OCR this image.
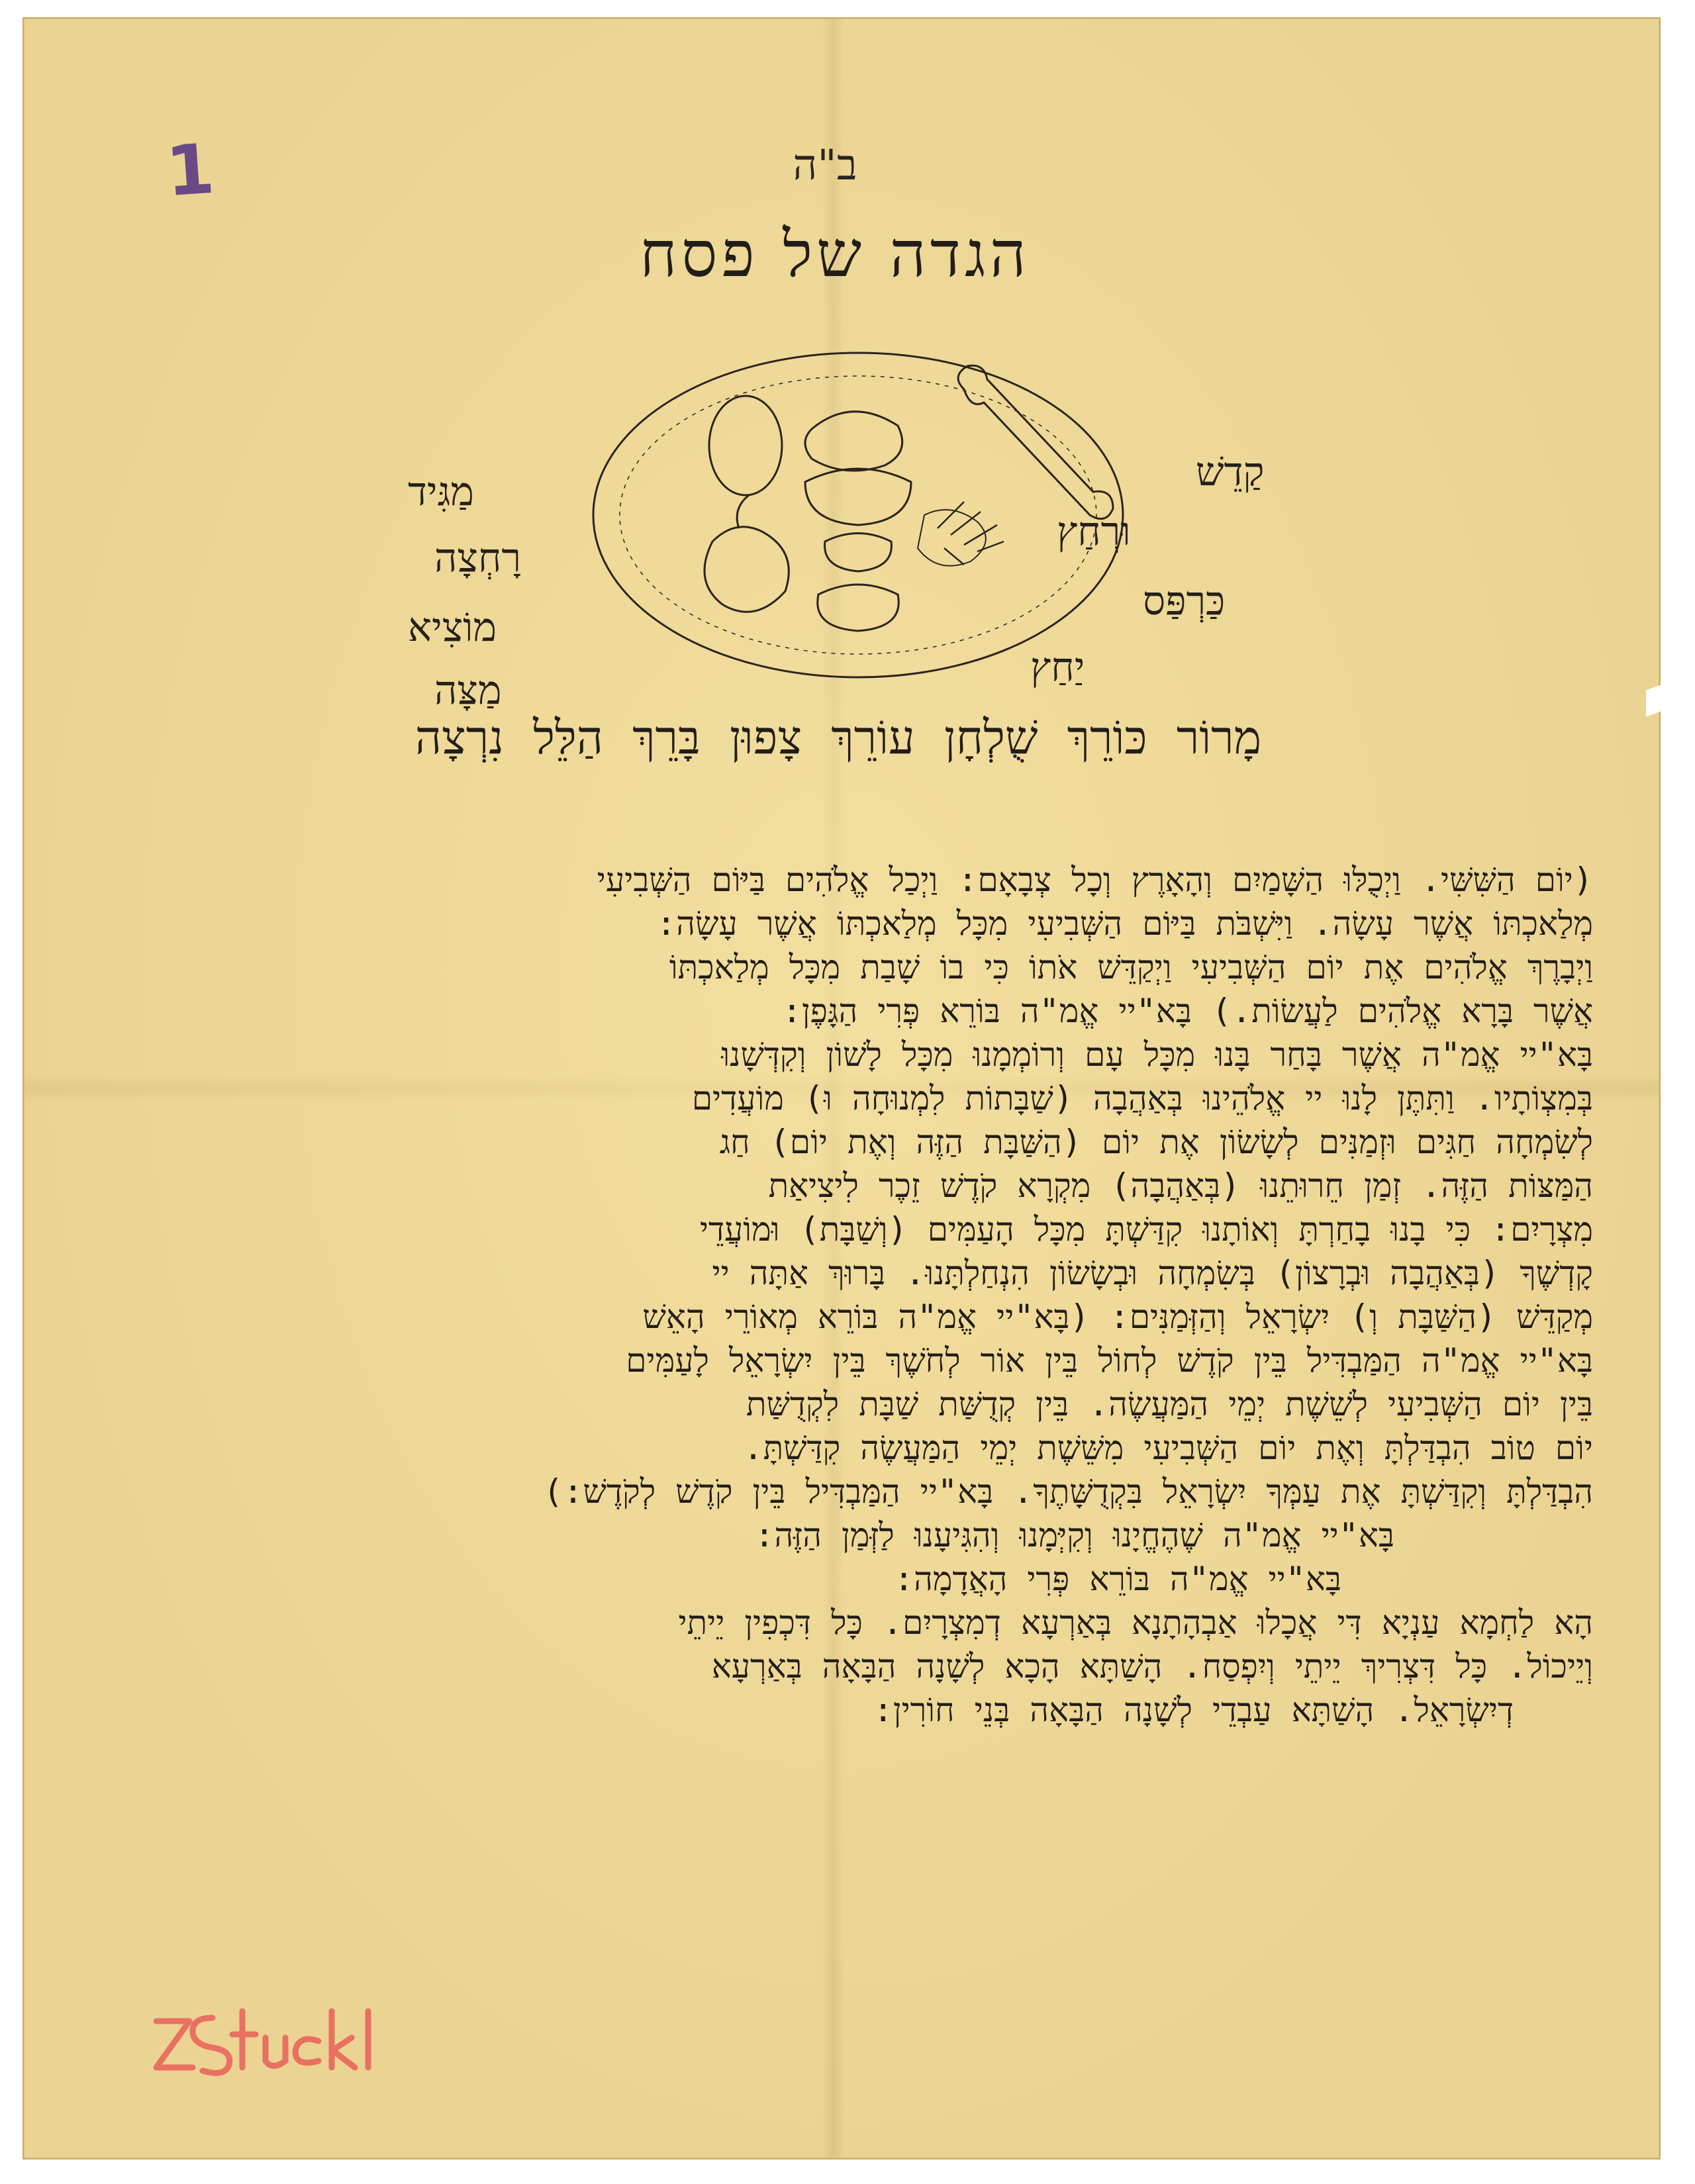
1	ב"ה
הגדה של פסח
קַדֵשׁ
וּרְחַץ
כַּרְפַּס
יַחַץ
מַגִּיד
רָחְצָה
מוֹצִיא
מַצָּה
מָרוֹר כּוֹרֵךְ שֻׁלְחָן עוֹרֵךְ צָפוּן בָּרֵךְ הַלֵּל נִרְצָה
(יוֹם הַשִּׁשִּׁי. וַיְכֻלּוּ הַשָּׁמַיִם וְהָאָרֶץ וְכָל צְבָאָם: וַיְכַל אֱלֹהִים בַּיּוֹם הַשְּׁבִיעִי
מְלַאכְתּוֹ אֲשֶׁר עָשָׂה. וַיִּשְׁבֹּת בַּיּוֹם הַשְּׁבִיעִי מִכָּל מְלַאכְתּוֹ אֲשֶׁר עָשָׂה:
וַיְבָרֶךְ אֱלֹהִים אֶת יוֹם הַשְּׁבִיעִי וַיְקַדֵּשׁ אֹתוֹ כִּי בוֹ שָׁבַת מִכָּל מְלַאכְתּוֹ
אֲשֶׁר בָּרָא אֱלֹהִים לַעֲשׂוֹת.) בָּא"יי אֱמ"ה בּוֹרֵא פְּרִי הַגָּפֶן:
בָּא"יי אֱמ"ה אֲשֶׁר בָּחַר בָּנוּ מִכָּל עָם וְרוֹמְמָנוּ מִכָּל לָשׁוֹן וְקִדְּשָׁנוּ
בְּמִצְוֹתָיו. וַתִּתֶּן לָנוּ יי אֱלֹהֵינוּ בְּאַהֲבָה (שַׁבָּתוֹת לִמְנוּחָה וּ) מוֹעֲדִים
לְשִׂמְחָה חַגִּים וּזְמַנִּים לְשָׂשׂוֹן אֶת יוֹם (הַשַּׁבָּת הַזֶּה וְאֶת יוֹם) חַג
הַמַּצּוֹת הַזֶּה. זְמַן חֵרוּתֵנוּ (בְּאַהֲבָה) מִקְרָא קֹדֶשׁ זֵכֶר לִיצִיאַת
מִצְרָיִם: כִּי בָנוּ בָחַרְתָּ וְאוֹתָנוּ קִדַּשְׁתָּ מִכָּל הָעַמִּים (וְשַׁבָּת) וּמוֹעֲדֵי
קָדְשֶׁךָ (בְּאַהֲבָה וּבְרָצוֹן) בְּשִׂמְחָה וּבְשָׂשׂוֹן הִנְחַלְתָּנוּ. בָּרוּךְ אַתָּה יי
מְקַדֵּשׁ (הַשַּׁבָּת וְ) יִשְׂרָאֵל וְהַזְּמַנִּים: (בָּא"יי אֱמ"ה בּוֹרֵא מְאוֹרֵי הָאֵשׁ
בָּא"יי אֱמ"ה הַמַּבְדִּיל בֵּין קֹדֶשׁ לְחוֹל בֵּין אוֹר לְחֹשֶׁךְ בֵּין יִשְׂרָאֵל לָעַמִּים
בֵּין יוֹם הַשְּׁבִיעִי לְשֵׁשֶׁת יְמֵי הַמַּעֲשֶׂה. בֵּין קְדֻשַּׁת שַׁבָּת לִקְדֻשַּׁת
יוֹם טוֹב הִבְדַּלְתָּ וְאֶת יוֹם הַשְּׁבִיעִי מִשֵּׁשֶׁת יְמֵי הַמַּעֲשֶׂה קִדַּשְׁתָּ.
הִבְדַּלְתָּ וְקִדַּשְׁתָּ אֶת עַמְּךָ יִשְׂרָאֵל בִּקְדֻשָּׁתֶךָ. בָּא"יי הַמַּבְדִּיל בֵּין קֹדֶשׁ לְקֹדֶשׁ:)
בָּא"יי אֱמ"ה שֶׁהֶחֱיָנוּ וְקִיְּמָנוּ וְהִגִּיעָנוּ לַזְּמַן הַזֶּה:
בָּא"יי אֱמ"ה בּוֹרֵא פְּרִי הָאֲדָמָה:
הָא לַחְמָא עַנְיָא דִּי אֲכָלוּ אַבְהָתָנָא בְּאַרְעָא דְמִצְרָיִם. כָּל דִּכְפִין יֵיתֵי
וְיֵיכוֹל. כָּל דִּצְרִיךְ יֵיתֵי וְיִפְסַח. הָשַׁתָּא הָכָא לְשָׁנָה הַבָּאָה בְּאַרְעָא
דְיִשְׂרָאֵל. הָשַׁתָּא עַבְדֵי לְשָׁנָה הַבָּאָה בְּנֵי חוֹרִין:
